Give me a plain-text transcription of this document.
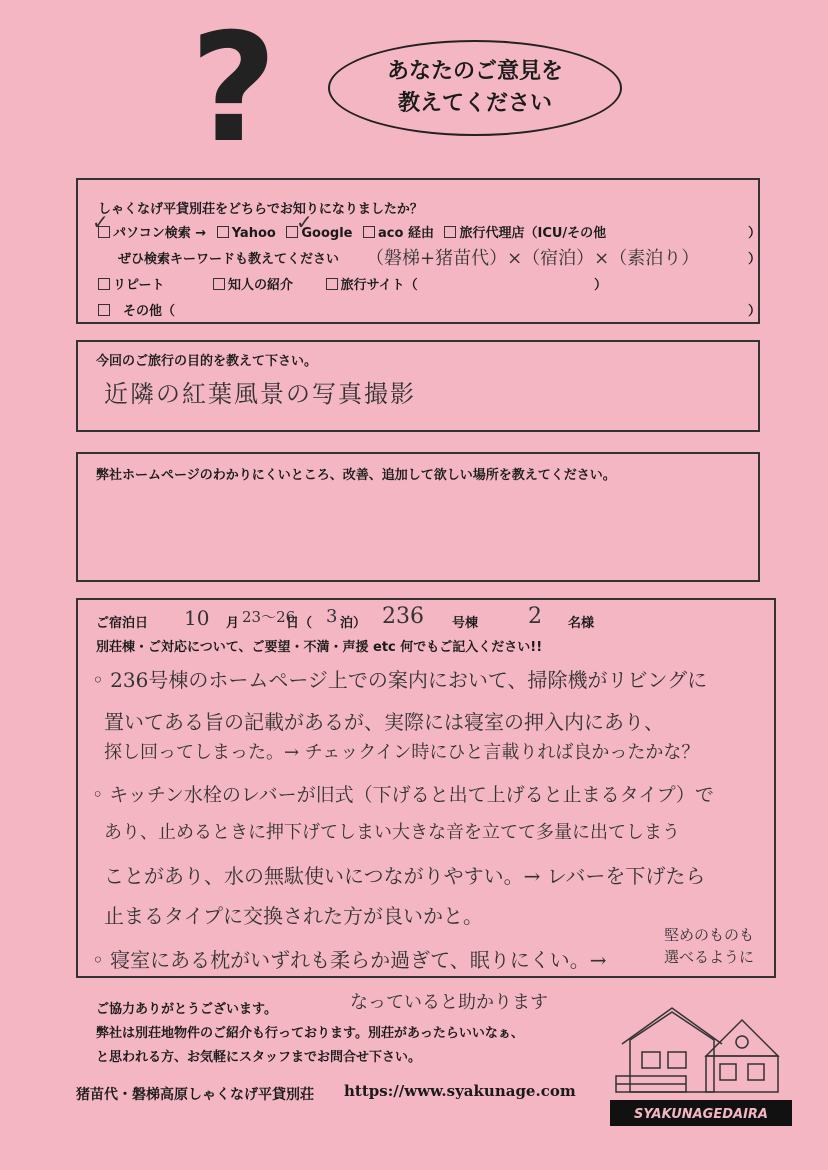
?	あなたのご意見を
教えてください
しゃくなげ平貸別荘をどちらでお知りになりましたか？
パソコン検索 → Yahoo Google aco 経由 旅行代理店（ICU/その他	）
✓	✓
ぜひ検索キーワードも教えてください （磐梯+猪苗代）×（宿泊）×（素泊り）	）
リピート	知人の紹介	旅行サイト（	）
その他（	）
今回のご旅行の目的を教えて下さい。
近隣の紅葉風景の写真撮影
弊社ホームページのわかりにくいところ、改善、追加して欲しい場所を教えてください。
ご宿泊日 10 月 23〜26
日（ 3 泊） 236 号棟 2 名様
別荘棟・ご対応について、ご要望・不満・声援 etc 何でもご記入ください!!
◦ 236号棟のホームページ上での案内において、掃除機がリビングに
置いてある旨の記載があるが、実際には寝室の押入内にあり、
探し回ってしまった。→ チェックイン時にひと言載りれば良かったかな？
◦ キッチン水栓のレバーが旧式（下げると出て上げると止まるタイプ）で
あり、止めるときに押下げてしまい大きな音を立てて多量に出てしまう
ことがあり、水の無駄使いにつながりやすい。→ レバーを下げたら
止まるタイプに交換された方が良いかと。
◦ 寝室にある枕がいずれも柔らか過ぎて、眠りにくい。→
堅めのものも
選べるように
なっていると助かります
ご協力ありがとうございます。
弊社は別荘地物件のご紹介も行っております。別荘があったらいいなぁ、
と思われる方、お気軽にスタッフまでお問合せ下さい。
猪苗代・磐梯高原しゃくなげ平貸別荘 https://www.syakunage.com
SYAKUNAGEDAIRA
